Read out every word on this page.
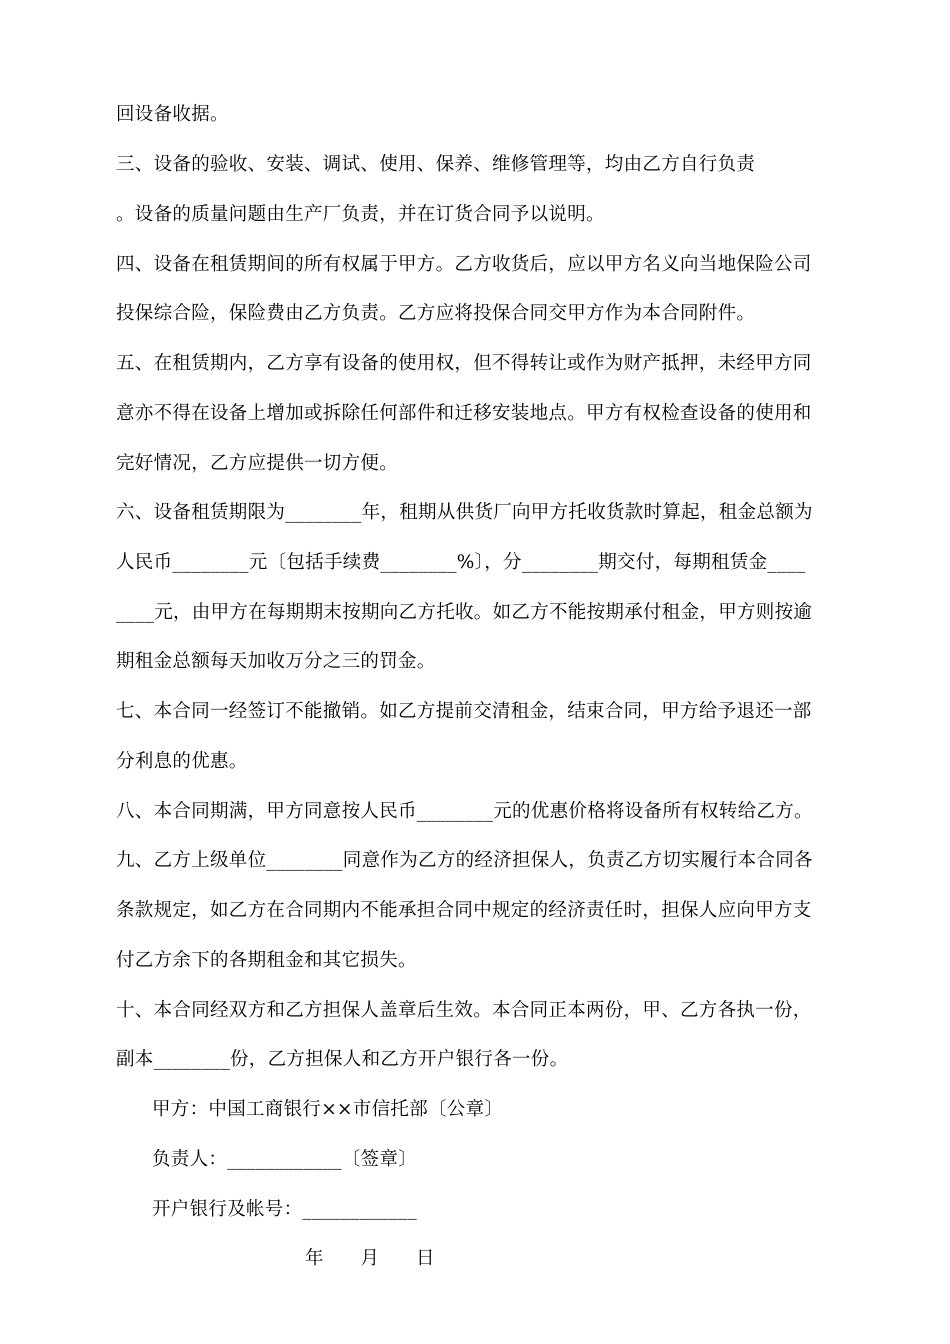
回设备收据。
三、设备的验收、安装、调试、使用、保养、维修管理等，均由乙方自行负责
。设备的质量问题由生产厂负责，并在订货合同予以说明。
四、设备在租赁期间的所有权属于甲方。乙方收货后，应以甲方名义向当地保险公司
投保综合险，保险费由乙方负责。乙方应将投保合同交甲方作为本合同附件。
五、在租赁期内，乙方享有设备的使用权，但不得转让或作为财产抵押，未经甲方同
意亦不得在设备上增加或拆除任何部件和迁移安装地点。甲方有权检查设备的使用和
完好情况，乙方应提供一切方便。
六、设备租赁期限为________年，租期从供货厂向甲方托收货款时算起，租金总额为
人民币________元〔包括手续费________%〕，分________期交付，每期租赁金____
____元，由甲方在每期期末按期向乙方托收。如乙方不能按期承付租金，甲方则按逾
期租金总额每天加收万分之三的罚金。
七、本合同一经签订不能撤销。如乙方提前交清租金，结束合同，甲方给予退还一部
分利息的优惠。
八、本合同期满，甲方同意按人民币________元的优惠价格将设备所有权转给乙方。
九、乙方上级单位________同意作为乙方的经济担保人，负责乙方切实履行本合同各
条款规定，如乙方在合同期内不能承担合同中规定的经济责任时，担保人应向甲方支
付乙方余下的各期租金和其它损失。
十、本合同经双方和乙方担保人盖章后生效。本合同正本两份，甲、乙方各执一份，
副本________份，乙方担保人和乙方开户银行各一份。
甲方：中国工商银行××市信托部〔公章〕
负责人：____________〔签章〕
开户银行及帐号：____________
年　　月　　日
